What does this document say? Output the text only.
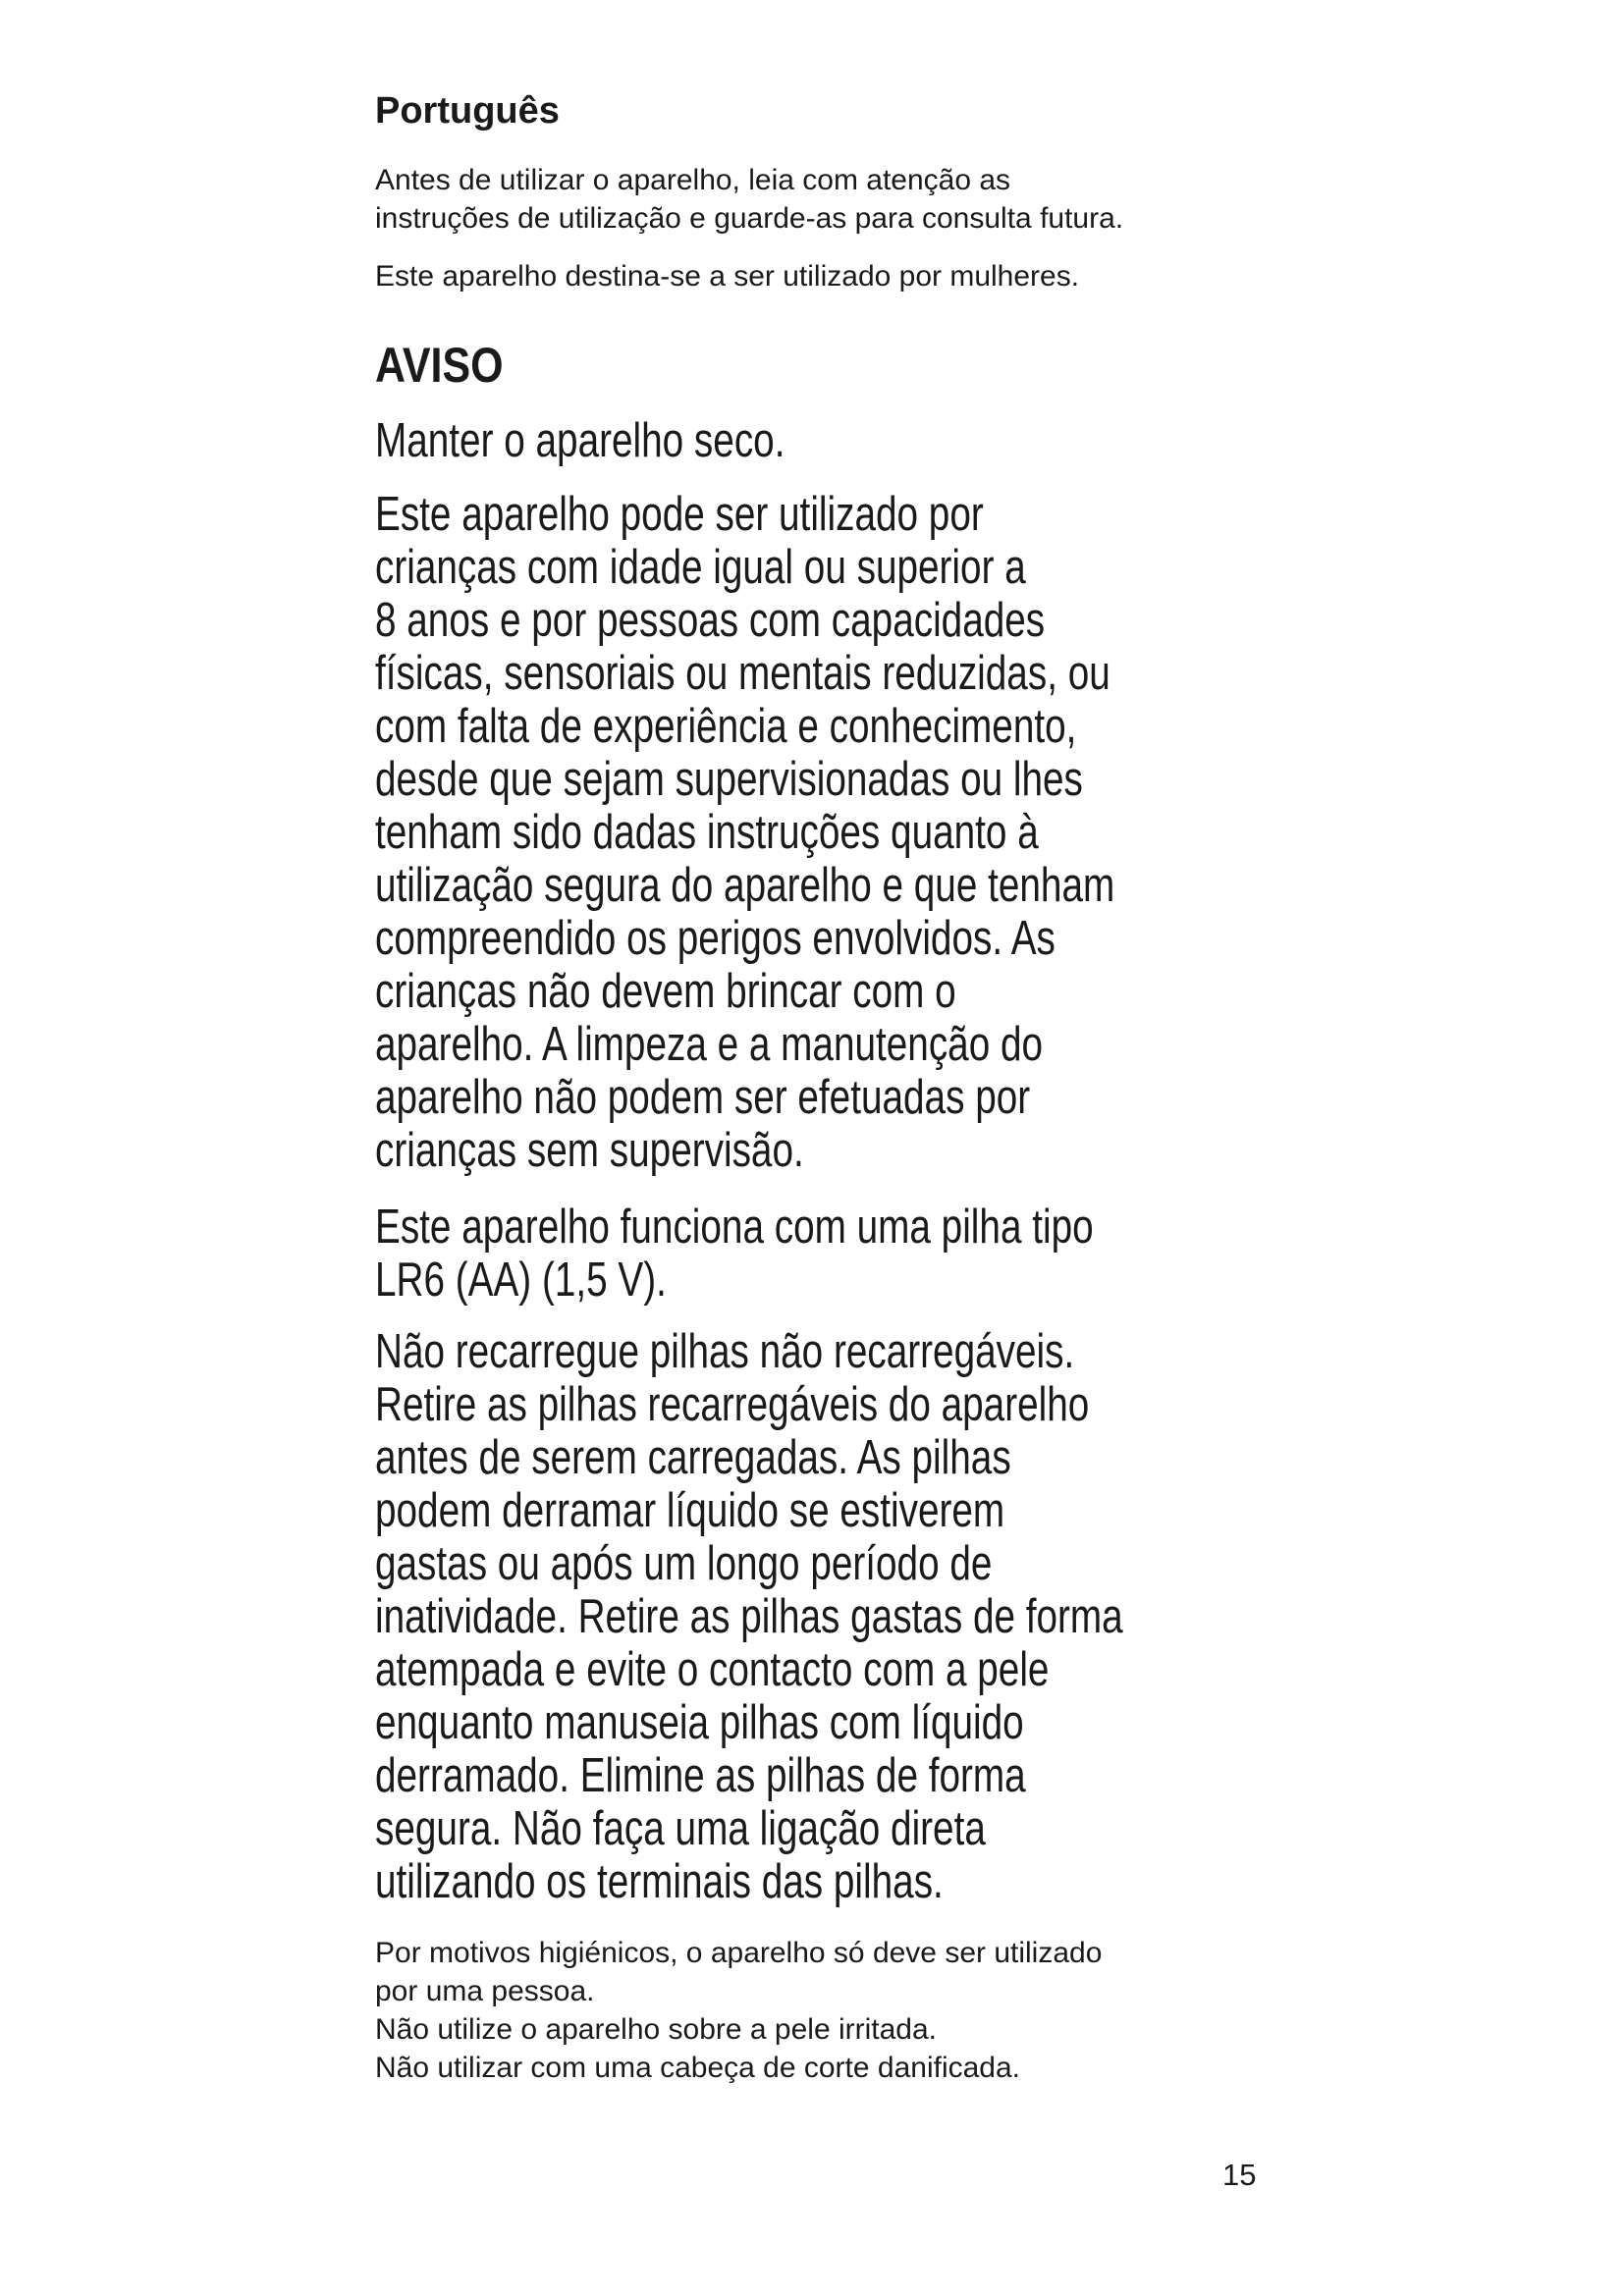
Português

Antes de utilizar o aparelho, leia com atenção as
instruções de utilização e guarde-as para consulta futura.

Este aparelho destina-se a ser utilizado por mulheres.

AVISO

Manter o aparelho seco.

Este aparelho pode ser utilizado por
crianças com idade igual ou superior a
8 anos e por pessoas com capacidades
físicas, sensoriais ou mentais reduzidas, ou
com falta de experiência e conhecimento,
desde que sejam supervisionadas ou lhes
tenham sido dadas instruções quanto à
utilização segura do aparelho e que tenham
compreendido os perigos envolvidos. As
crianças não devem brincar com o
aparelho. A limpeza e a manutenção do
aparelho não podem ser efetuadas por
crianças sem supervisão.

Este aparelho funciona com uma pilha tipo
LR6 (AA) (1,5 V).

Não recarregue pilhas não recarregáveis.
Retire as pilhas recarregáveis do aparelho
antes de serem carregadas. As pilhas
podem derramar líquido se estiverem
gastas ou após um longo período de
inatividade. Retire as pilhas gastas de forma
atempada e evite o contacto com a pele
enquanto manuseia pilhas com líquido
derramado. Elimine as pilhas de forma
segura. Não faça uma ligação direta
utilizando os terminais das pilhas.

Por motivos higiénicos, o aparelho só deve ser utilizado
por uma pessoa.
Não utilize o aparelho sobre a pele irritada.
Não utilizar com uma cabeça de corte danificada.

15
